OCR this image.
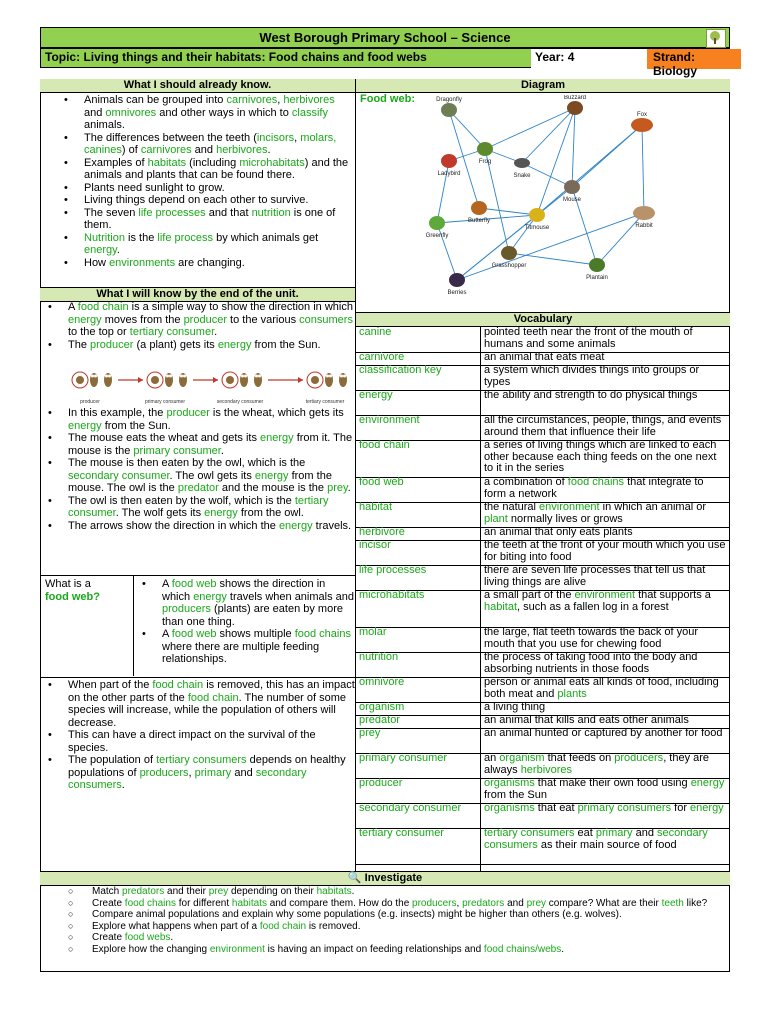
West Borough Primary School – Science
Topic: Living things and their habitats: Food chains and food webs	Year: 4	Strand: Biology
What I should already know.
• Animals can be grouped into carnivores, herbivores and omnivores and other ways in which to classify animals.
• The differences between the teeth (incisors, molars, canines) of carnivores and herbivores.
• Examples of habitats (including microhabitats) and the animals and plants that can be found there.
• Plants need sunlight to grow.
• Living things depend on each other to survive.
• The seven life processes and that nutrition is one of them.
• Nutrition is the life process by which animals get energy.
• How environments are changing.
What I will know by the end of the unit.
• A food chain is a simple way to show the direction in which energy moves from the producer to the various consumers to the top or tertiary consumer.
• The producer (a plant) gets its energy from the Sun.
producer	primary consumer	secondary consumer	tertiary consumer
• In this example, the producer is the wheat, which gets its energy from the Sun.
• The mouse eats the wheat and gets its energy from it. The mouse is the primary consumer.
• The mouse is then eaten by the owl, which is the secondary consumer. The owl gets its energy from the mouse. The owl is the predator and the mouse is the prey.
• The owl is then eaten by the wolf, which is the tertiary consumer. The wolf gets its energy from the owl.
• The arrows show the direction in which the energy travels.
What is a
food web?
• A food web shows the direction in which energy travels when animals and producers (plants) are eaten by more than one thing.
• A food web shows multiple food chains where there are multiple feeding relationships.
• When part of the food chain is removed, this has an impact on the other parts of the food chain. The number of some species will increase, while the population of others will decrease.
• This can have a direct impact on the survival of the species.
• The population of tertiary consumers depends on healthy populations of producers, primary and secondary consumers.
Diagram
Food web:	Dragonfly	Buzzard
Fox
Frog
Snake
Ladybird
Mouse
Butterfly
Titmouse	Rabbit
Greenfly
Grasshopper
Plantain
Berries
Vocabulary
canine	pointed teeth near the front of the mouth of humans and some animals
carnivore	an animal that eats meat
classification key	a system which divides things into groups or types
energy	the ability and strength to do physical things
environment	all the circumstances, people, things, and events around them that influence their life
food chain	a series of living things which are linked to each other because each thing feeds on the one next to it in the series
food web	a combination of food chains that integrate to form a network
habitat	the natural environment in which an animal or plant normally lives or grows
herbivore	an animal that only eats plants
incisor	the teeth at the front of your mouth which you use for biting into food
life processes	there are seven life processes that tell us that living things are alive
microhabitats	a small part of the environment that supports a habitat, such as a fallen log in a forest
molar	the large, flat teeth towards the back of your mouth that you use for chewing food
nutrition	the process of taking food into the body and absorbing nutrients in those foods
omnivore	person or animal eats all kinds of food, including both meat and plants
organism	a living thing
predator	an animal that kills and eats other animals
prey	an animal hunted or captured by another for food
primary consumer	an organism that feeds on producers, they are always herbivores
producer	organisms that make their own food using energy from the Sun
secondary consumer	organisms that eat primary consumers for energy
tertiary consumer	tertiary consumers eat primary and secondary consumers as their main source of food
🔍 Investigate
○ Match predators and their prey depending on their habitats.
○ Create food chains for different habitats and compare them. How do the producers, predators and prey compare? What are their teeth like?
○ Compare animal populations and explain why some populations (e.g. insects) might be higher than others (e.g. wolves).
○ Explore what happens when part of a food chain is removed.
○ Create food webs.
○ Explore how the changing environment is having an impact on feeding relationships and food chains/webs.
